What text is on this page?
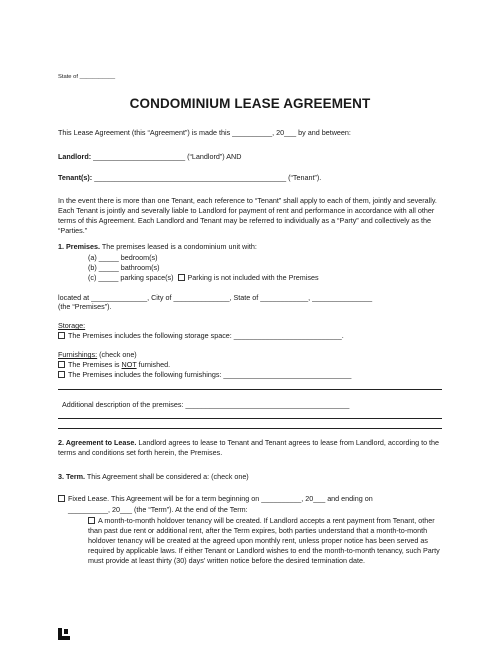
State of ___________
CONDOMINIUM LEASE AGREEMENT
This Lease Agreement (this “Agreement”) is made this __________, 20___ by and between:
Landlord: _______________________ (“Landlord”) AND
Tenant(s): ________________________________________________ (“Tenant”).
In the event there is more than one Tenant, each reference to “Tenant” shall apply to each of them, jointly and severally. Each Tenant is jointly and severally liable to Landlord for payment of rent and performance in accordance with all other terms of this Agreement. Each Landlord and Tenant may be referred to individually as a “Party” and collectively as the “Parties.”
1. Premises. The premises leased is a condominium unit with:
(a) _____ bedroom(s)
(b) _____ bathroom(s)
(c) _____ parking space(s) Parking is not included with the Premises
located at ______________, City of ______________, State of ____________, _______________
(the “Premises”).
Storage:
The Premises includes the following storage space: ___________________________.
Furnishings: (check one)
The Premises is NOT furnished.
The Premises includes the following furnishings: ________________________________
Additional description of the premises: _________________________________________
2. Agreement to Lease. Landlord agrees to lease to Tenant and Tenant agrees to lease from Landlord, according to the terms and conditions set forth herein, the Premises.
3. Term. This Agreement shall be considered a: (check one)
Fixed Lease. This Agreement will be for a term beginning on __________, 20___ and ending on
__________, 20___ (the “Term”). At the end of the Term:
A month-to-month holdover tenancy will be created. If Landlord accepts a rent payment from Tenant, other than past due rent or additional rent, after the Term expires, both parties understand that a month-to-month holdover tenancy will be created at the agreed upon monthly rent, unless proper notice has been served as required by applicable laws. If either Tenant or Landlord wishes to end the month-to-month tenancy, such Party must provide at least thirty (30) days’ written notice before the desired termination date.
